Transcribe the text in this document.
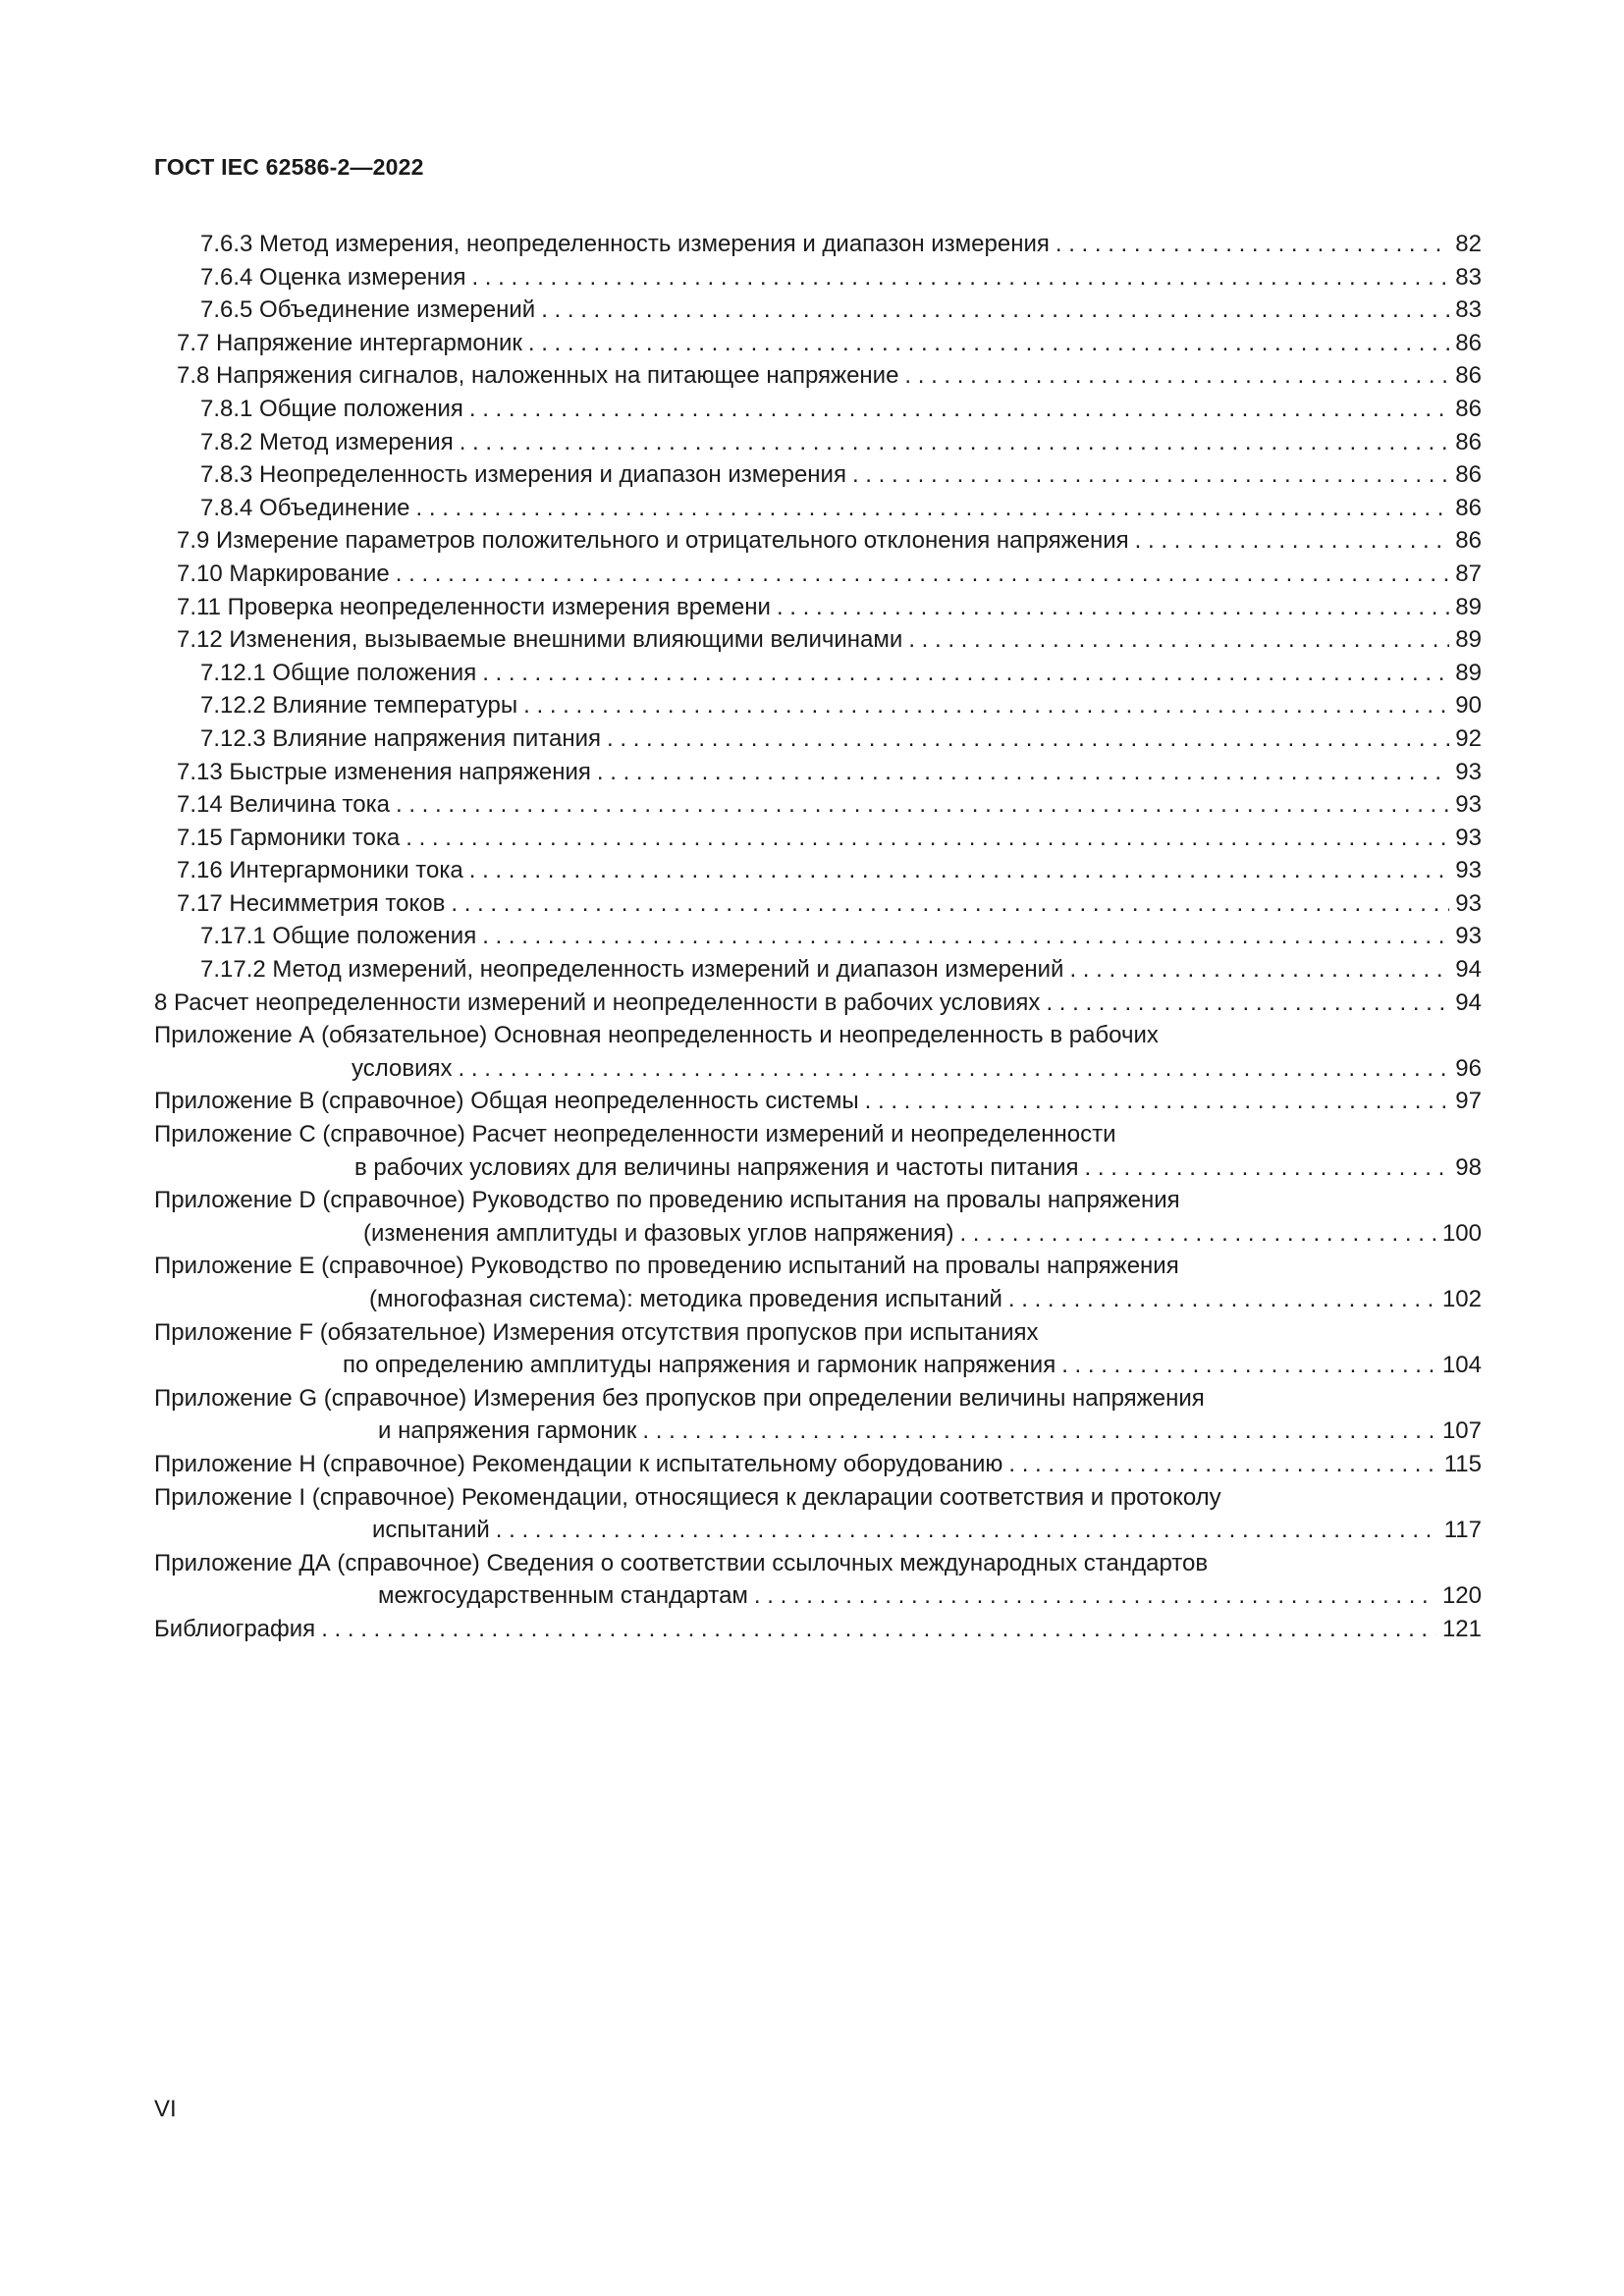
ГОСТ IEC 62586-2—2022
7.6.3 Метод измерения, неопределенность измерения и диапазон измерения . . .	82
7.6.4 Оценка измерения . . .	83
7.6.5 Объединение измерений . . .	83
7.7 Напряжение интергармоник . . .	86
7.8 Напряжения сигналов, наложенных на питающее напряжение . . .	86
7.8.1 Общие положения . . .	86
7.8.2 Метод измерения . . .	86
7.8.3 Неопределенность измерения и диапазон измерения . . .	86
7.8.4 Объединение . . .	86
7.9 Измерение параметров положительного и отрицательного отклонения напряжения . . .	86
7.10 Маркирование . . .	87
7.11 Проверка неопределенности измерения времени . . .	89
7.12 Изменения, вызываемые внешними влияющими величинами . . .	89
7.12.1 Общие положения . . .	89
7.12.2 Влияние температуры . . .	90
7.12.3 Влияние напряжения питания . . .	92
7.13 Быстрые изменения напряжения . . .	93
7.14 Величина тока . . .	93
7.15 Гармоники тока . . .	93
7.16 Интергармоники тока . . .	93
7.17 Несимметрия токов . . .	93
7.17.1 Общие положения . . .	93
7.17.2 Метод измерений, неопределенность измерений и диапазон измерений . . .	94
8 Расчет неопределенности измерений и неопределенности в рабочих условиях . . .	94
Приложение А (обязательное) Основная неопределенность и неопределенность в рабочих
условиях . . .	96
Приложение В (справочное) Общая неопределенность системы . . .	97
Приложение С (справочное) Расчет неопределенности измерений и неопределенности
в рабочих условиях для величины напряжения и частоты питания . . .	98
Приложение D (справочное) Руководство по проведению испытания на провалы напряжения
(изменения амплитуды и фазовых углов напряжения) . . .	100
Приложение Е (справочное) Руководство по проведению испытаний на провалы напряжения
(многофазная система): методика проведения испытаний . . .	102
Приложение F (обязательное) Измерения отсутствия пропусков при испытаниях
по определению амплитуды напряжения и гармоник напряжения . . .	104
Приложение G (справочное) Измерения без пропусков при определении величины напряжения
и напряжения гармоник . . .	107
Приложение Н (справочное) Рекомендации к испытательному оборудованию . . .	115
Приложение I (справочное) Рекомендации, относящиеся к декларации соответствия и протоколу
испытаний . . .	117
Приложение ДА (справочное) Сведения о соответствии ссылочных международных стандартов
межгосударственным стандартам . . .	120
Библиография . . .	121
VI
